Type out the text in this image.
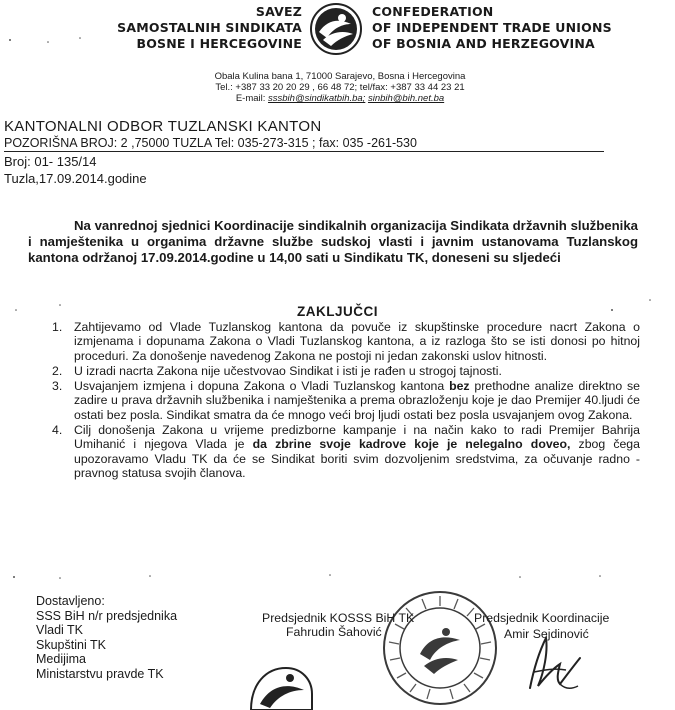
SAVEZ
SAMOSTALNIH SINDIKATA
BOSNE I HERCEGOVINE
CONFEDERATION
OF INDEPENDENT TRADE UNIONS
OF BOSNIA AND HERZEGOVINA
Obala Kulina bana 1, 71000 Sarajevo, Bosna i Hercegovina
Tel.: +387 33 20 20 29 , 66 48 72; tel/fax: +387 33 44 23 21
E-mail: sssbih@sindikatbih.ba; sinbih@bih.net.ba
KANTONALNI ODBOR TUZLANSKI KANTON
POZORIŠNA BROJ: 2 ,75000 TUZLA Tel: 035-273-315 ; fax: 035 -261-530
Broj: 01- 135/14
Tuzla,17.09.2014.godine
Na vanrednoj sjednici Koordinacije sindikalnih organizacija Sindikata državnih službenika i namještenika u organima državne službe sudskoj vlasti i javnim ustanovama Tuzlanskog kantona održanoj 17.09.2014.godine u 14,00 sati u Sindikatu TK, doneseni su sljedeći
ZAKLJUČCI

1. Zahtijevamo od Vlade Tuzlanskog kantona da povuče iz skupštinske procedure nacrt Zakona o izmjenama i dopunama Zakona o Vladi Tuzlanskog kantona, a iz razloga što se isti donosi po hitnoj proceduri. Za donošenje navedenog Zakona ne postoji ni jedan zakonski uslov hitnosti.

2. U izradi nacrta Zakona nije učestvovao Sindikat i isti je rađen u strogoj tajnosti.

3. Usvajanjem izmjena i dopuna Zakona o Vladi Tuzlanskog kantona bez prethodne analize direktno se zadire u prava državnih službenika i namještenika a prema obrazloženju koje je dao Premijer 40.ljudi će ostati bez posla. Sindikat smatra da će mnogo veći broj ljudi ostati bez posla usvajanjem ovog Zakona.

4. Cilj donošenja Zakona u vrijeme predizborne kampanje i na način kako to radi Premijer Bahrija Umihanić i njegova Vlada je da zbrine svoje kadrove koje je nelegalno doveo, zbog čega upozoravamo Vladu TK da će se Sindikat boriti svim dozvoljenim sredstvima, za očuvanje radno - pravnog statusa svojih članova.

Dostavljeno:
SSS BiH n/r predsjednika
Vladi TK
Skupštini TK
Medijima
Ministarstvu pravde TK
Predsjednik KOSSS BiH TK	Predsjednik Koordinacije
Fahrudin Šahović	Amir Sejdinović
